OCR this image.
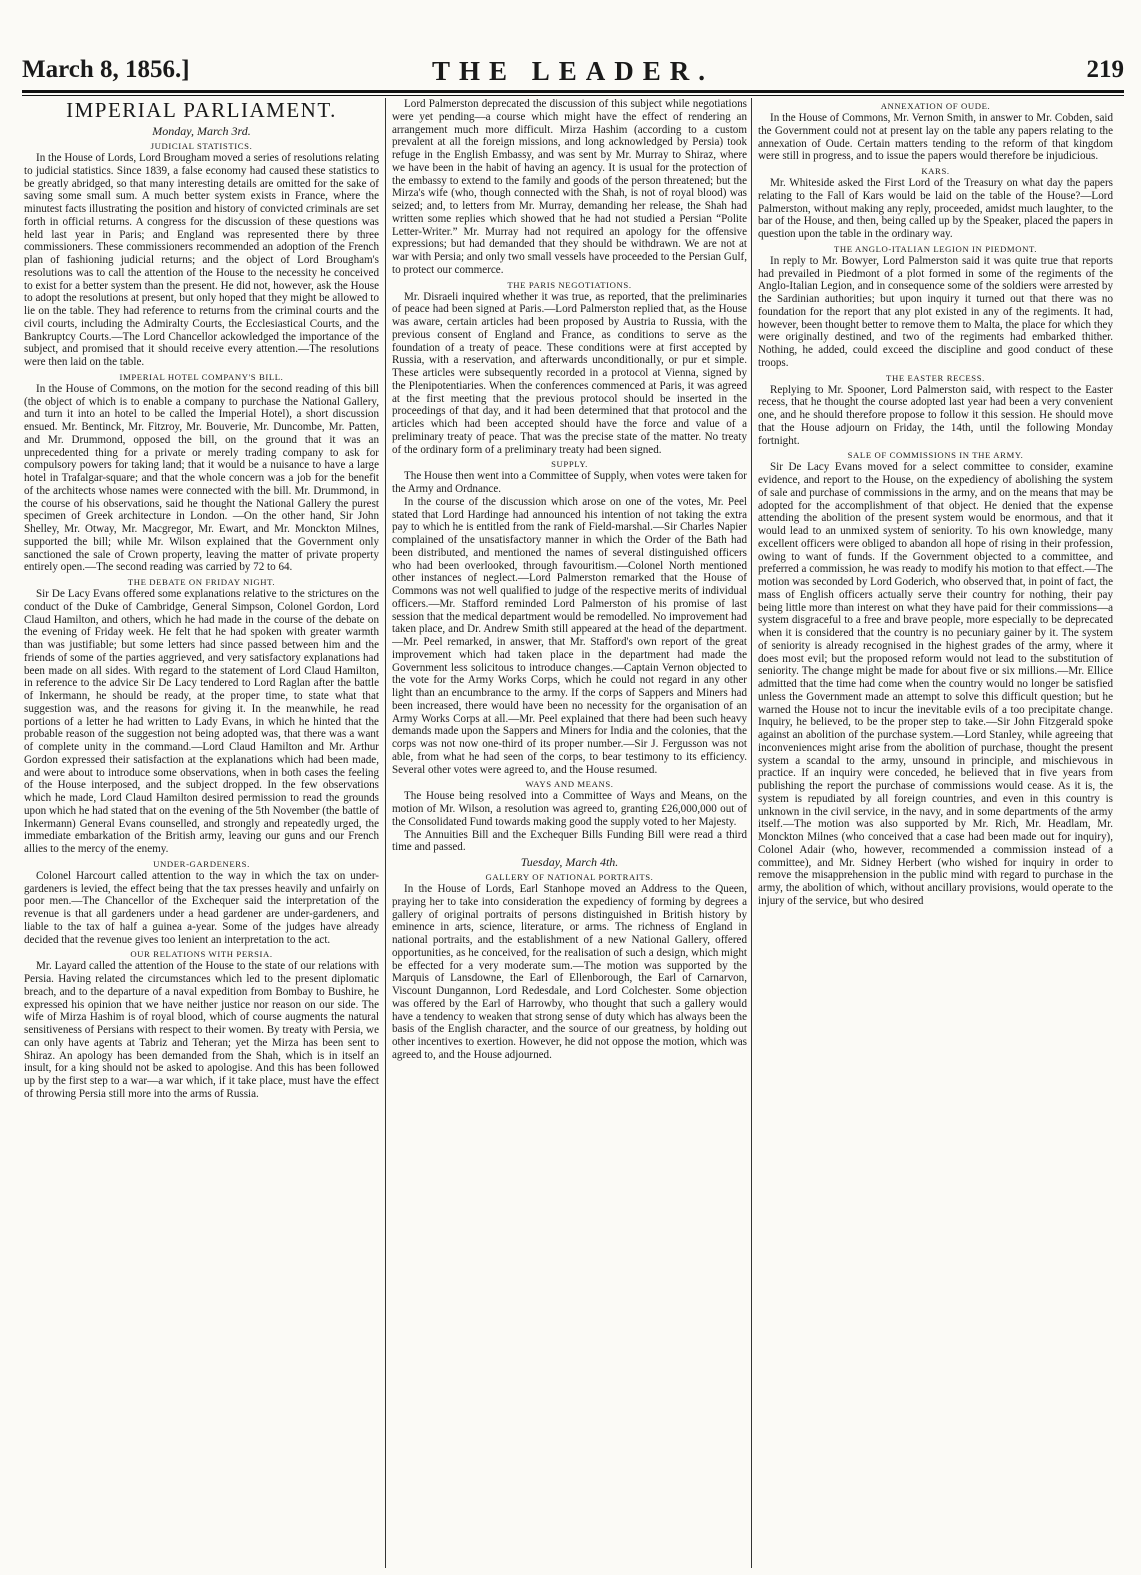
March 8, 1856.]	THE LEADER.	219
IMPERIAL PARLIAMENT.
Monday, March 3rd.
JUDICIAL STATISTICS.

In the House of Lords, Lord Brougham moved a series of resolutions relating to judicial statistics. Since 1839, a false economy had caused these statistics to be greatly abridged, so that many interesting details are omitted for the sake of saving some small sum. A much better system exists in France, where the minutest facts illustrating the position and history of convicted criminals are set forth in official returns. A congress for the discussion of these questions was held last year in Paris; and England was represented there by three commissioners. These commissioners recommended an adoption of the French plan of fashioning judicial returns; and the object of Lord Brougham's resolutions was to call the attention of the House to the necessity he conceived to exist for a better system than the present. He did not, however, ask the House to adopt the resolutions at present, but only hoped that they might be allowed to lie on the table. They had reference to returns from the criminal courts and the civil courts, including the Admiralty Courts, the Ecclesiastical Courts, and the Bankruptcy Courts.—The Lord Chancellor ackowledged the importance of the subject, and promised that it should receive every attention.—The resolutions were then laid on the table.

IMPERIAL HOTEL COMPANY'S BILL.

In the House of Commons, on the motion for the second reading of this bill (the object of which is to enable a company to purchase the National Gallery, and turn it into an hotel to be called the Imperial Hotel), a short discussion ensued. Mr. Bentinck, Mr. Fitzroy, Mr. Bouverie, Mr. Duncombe, Mr. Patten, and Mr. Drummond, opposed the bill, on the ground that it was an unprecedented thing for a private or merely trading company to ask for compulsory powers for taking land; that it would be a nuisance to have a large hotel in Trafalgar-square; and that the whole concern was a job for the benefit of the architects whose names were connected with the bill. Mr. Drummond, in the course of his observations, said he thought the National Gallery the purest specimen of Greek architecture in London. —On the other hand, Sir John Shelley, Mr. Otway, Mr. Macgregor, Mr. Ewart, and Mr. Monckton Milnes, supported the bill; while Mr. Wilson explained that the Government only sanctioned the sale of Crown property, leaving the matter of private property entirely open.—The second reading was carried by 72 to 64.

THE DEBATE ON FRIDAY NIGHT.

Sir De Lacy Evans offered some explanations relative to the strictures on the conduct of the Duke of Cambridge, General Simpson, Colonel Gordon, Lord Claud Hamilton, and others, which he had made in the course of the debate on the evening of Friday week. He felt that he had spoken with greater warmth than was justifiable; but some letters had since passed between him and the friends of some of the parties aggrieved, and very satisfactory explanations had been made on all sides. With regard to the statement of Lord Claud Hamilton, in reference to the advice Sir De Lacy tendered to Lord Raglan after the battle of Inkermann, he should be ready, at the proper time, to state what that suggestion was, and the reasons for giving it. In the meanwhile, he read portions of a letter he had written to Lady Evans, in which he hinted that the probable reason of the suggestion not being adopted was, that there was a want of complete unity in the command.—Lord Claud Hamilton and Mr. Arthur Gordon expressed their satisfaction at the explanations which had been made, and were about to introduce some observations, when in both cases the feeling of the House interposed, and the subject dropped. In the few observations which he made, Lord Claud Hamilton desired permission to read the grounds upon which he had stated that on the evening of the 5th November (the battle of Inkermann) General Evans counselled, and strongly and repeatedly urged, the immediate embarkation of the British army, leaving our guns and our French allies to the mercy of the enemy.

UNDER-GARDENERS.

Colonel Harcourt called attention to the way in which the tax on under-gardeners is levied, the effect being that the tax presses heavily and unfairly on poor men.—The Chancellor of the Exchequer said the interpretation of the revenue is that all gardeners under a head gardener are under-gardeners, and liable to the tax of half a guinea a-year. Some of the judges have already decided that the revenue gives too lenient an interpretation to the act.

OUR RELATIONS WITH PERSIA.

Mr. Layard called the attention of the House to the state of our relations with Persia. Having related the circumstances which led to the present diplomatic breach, and to the departure of a naval expedition from Bombay to Bushire, he expressed his opinion that we have neither justice nor reason on our side. The wife of Mirza Hashim is of royal blood, which of course augments the natural sensitiveness of Persians with respect to their women. By treaty with Persia, we can only have agents at Tabriz and Teheran; yet the Mirza has been sent to Shiraz. An apology has been demanded from the Shah, which is in itself an insult, for a king should not be asked to apologise. And this has been followed up by the first step to a war—a war which, if it take place, must have the effect of throwing Persia still more into the arms of Russia.

Lord Palmerston deprecated the discussion of this subject while negotiations were yet pending—a course which might have the effect of rendering an arrangement much more difficult. Mirza Hashim (according to a custom prevalent at all the foreign missions, and long acknowledged by Persia) took refuge in the English Embassy, and was sent by Mr. Murray to Shiraz, where we have been in the habit of having an agency. It is usual for the protection of the embassy to extend to the family and goods of the person threatened; but the Mirza's wife (who, though connected with the Shah, is not of royal blood) was seized; and, to letters from Mr. Murray, demanding her release, the Shah had written some replies which showed that he had not studied a Persian “Polite Letter-Writer.” Mr. Murray had not required an apology for the offensive expressions; but had demanded that they should be withdrawn. We are not at war with Persia; and only two small vessels have proceeded to the Persian Gulf, to protect our commerce.

THE PARIS NEGOTIATIONS.

Mr. Disraeli inquired whether it was true, as reported, that the preliminaries of peace had been signed at Paris.—Lord Palmerston replied that, as the House was aware, certain articles had been proposed by Austria to Russia, with the previous consent of England and France, as conditions to serve as the foundation of a treaty of peace. These conditions were at first accepted by Russia, with a reservation, and afterwards unconditionally, or pur et simple. These articles were subsequently recorded in a protocol at Vienna, signed by the Plenipotentiaries. When the conferences commenced at Paris, it was agreed at the first meeting that the previous protocol should be inserted in the proceedings of that day, and it had been determined that that protocol and the articles which had been accepted should have the force and value of a preliminary treaty of peace. That was the precise state of the matter. No treaty of the ordinary form of a preliminary treaty had been signed.

SUPPLY.

The House then went into a Committee of Supply, when votes were taken for the Army and Ordnance.

In the course of the discussion which arose on one of the votes, Mr. Peel stated that Lord Hardinge had announced his intention of not taking the extra pay to which he is entitled from the rank of Field-marshal.—Sir Charles Napier complained of the unsatisfactory manner in which the Order of the Bath had been distributed, and mentioned the names of several distinguished officers who had been overlooked, through favouritism.—Colonel North mentioned other instances of neglect.—Lord Palmerston remarked that the House of Commons was not well qualified to judge of the respective merits of individual officers.—Mr. Stafford reminded Lord Palmerston of his promise of last session that the medical department would be remodelled. No improvement had taken place, and Dr. Andrew Smith still appeared at the head of the department.—Mr. Peel remarked, in answer, that Mr. Stafford's own report of the great improvement which had taken place in the department had made the Government less solicitous to introduce changes.—Captain Vernon objected to the vote for the Army Works Corps, which he could not regard in any other light than an encumbrance to the army. If the corps of Sappers and Miners had been increased, there would have been no necessity for the organisation of an Army Works Corps at all.—Mr. Peel explained that there had been such heavy demands made upon the Sappers and Miners for India and the colonies, that the corps was not now one-third of its proper number.—Sir J. Fergusson was not able, from what he had seen of the corps, to bear testimony to its efficiency. Several other votes were agreed to, and the House resumed.

WAYS AND MEANS.

The House being resolved into a Committee of Ways and Means, on the motion of Mr. Wilson, a resolution was agreed to, granting £26,000,000 out of the Consolidated Fund towards making good the supply voted to her Majesty.

The Annuities Bill and the Exchequer Bills Funding Bill were read a third time and passed.

Tuesday, March 4th.
GALLERY OF NATIONAL PORTRAITS.

In the House of Lords, Earl Stanhope moved an Address to the Queen, praying her to take into consideration the expediency of forming by degrees a gallery of original portraits of persons distinguished in British history by eminence in arts, science, literature, or arms. The richness of England in national portraits, and the establishment of a new National Gallery, offered opportunities, as he conceived, for the realisation of such a design, which might be effected for a very moderate sum.—The motion was supported by the Marquis of Lansdowne, the Earl of Ellenborough, the Earl of Carnarvon, Viscount Dungannon, Lord Redesdale, and Lord Colchester. Some objection was offered by the Earl of Harrowby, who thought that such a gallery would have a tendency to weaken that strong sense of duty which has always been the basis of the English character, and the source of our greatness, by holding out other incentives to exertion. However, he did not oppose the motion, which was agreed to, and the House adjourned.

ANNEXATION OF OUDE.

In the House of Commons, Mr. Vernon Smith, in answer to Mr. Cobden, said the Government could not at present lay on the table any papers relating to the annexation of Oude. Certain matters tending to the reform of that kingdom were still in progress, and to issue the papers would therefore be injudicious.

KARS.

Mr. Whiteside asked the First Lord of the Treasury on what day the papers relating to the Fall of Kars would be laid on the table of the House?—Lord Palmerston, without making any reply, proceeded, amidst much laughter, to the bar of the House, and then, being called up by the Speaker, placed the papers in question upon the table in the ordinary way.

THE ANGLO-ITALIAN LEGION IN PIEDMONT.

In reply to Mr. Bowyer, Lord Palmerston said it was quite true that reports had prevailed in Piedmont of a plot formed in some of the regiments of the Anglo-Italian Legion, and in consequence some of the soldiers were arrested by the Sardinian authorities; but upon inquiry it turned out that there was no foundation for the report that any plot existed in any of the regiments. It had, however, been thought better to remove them to Malta, the place for which they were originally destined, and two of the regiments had embarked thither. Nothing, he added, could exceed the discipline and good conduct of these troops.

THE EASTER RECESS.

Replying to Mr. Spooner, Lord Palmerston said, with respect to the Easter recess, that he thought the course adopted last year had been a very convenient one, and he should therefore propose to follow it this session. He should move that the House adjourn on Friday, the 14th, until the following Monday fortnight.

SALE OF COMMISSIONS IN THE ARMY.

Sir De Lacy Evans moved for a select committee to consider, examine evidence, and report to the House, on the expediency of abolishing the system of sale and purchase of commissions in the army, and on the means that may be adopted for the accomplishment of that object. He denied that the expense attending the abolition of the present system would be enormous, and that it would lead to an unmixed system of seniority. To his own knowledge, many excellent officers were obliged to abandon all hope of rising in their profession, owing to want of funds. If the Government objected to a committee, and preferred a commission, he was ready to modify his motion to that effect.—The motion was seconded by Lord Goderich, who observed that, in point of fact, the mass of English officers actually serve their country for nothing, their pay being little more than interest on what they have paid for their commissions—a system disgraceful to a free and brave people, more especially to be deprecated when it is considered that the country is no pecuniary gainer by it. The system of seniority is already recognised in the highest grades of the army, where it does most evil; but the proposed reform would not lead to the substitution of seniority. The change might be made for about five or six millions.—Mr. Ellice admitted that the time had come when the country would no longer be satisfied unless the Government made an attempt to solve this difficult question; but he warned the House not to incur the inevitable evils of a too precipitate change. Inquiry, he believed, to be the proper step to take.—Sir John Fitzgerald spoke against an abolition of the purchase system.—Lord Stanley, while agreeing that inconveniences might arise from the abolition of purchase, thought the present system a scandal to the army, unsound in principle, and mischievous in practice. If an inquiry were conceded, he believed that in five years from publishing the report the purchase of commissions would cease. As it is, the system is repudiated by all foreign countries, and even in this country is unknown in the civil service, in the navy, and in some departments of the army itself.—The motion was also supported by Mr. Rich, Mr. Headlam, Mr. Monckton Milnes (who conceived that a case had been made out for inquiry), Colonel Adair (who, however, recommended a commission instead of a committee), and Mr. Sidney Herbert (who wished for inquiry in order to remove the misapprehension in the public mind with regard to purchase in the army, the abolition of which, without ancillary provisions, would operate to the injury of the service, but who desired
